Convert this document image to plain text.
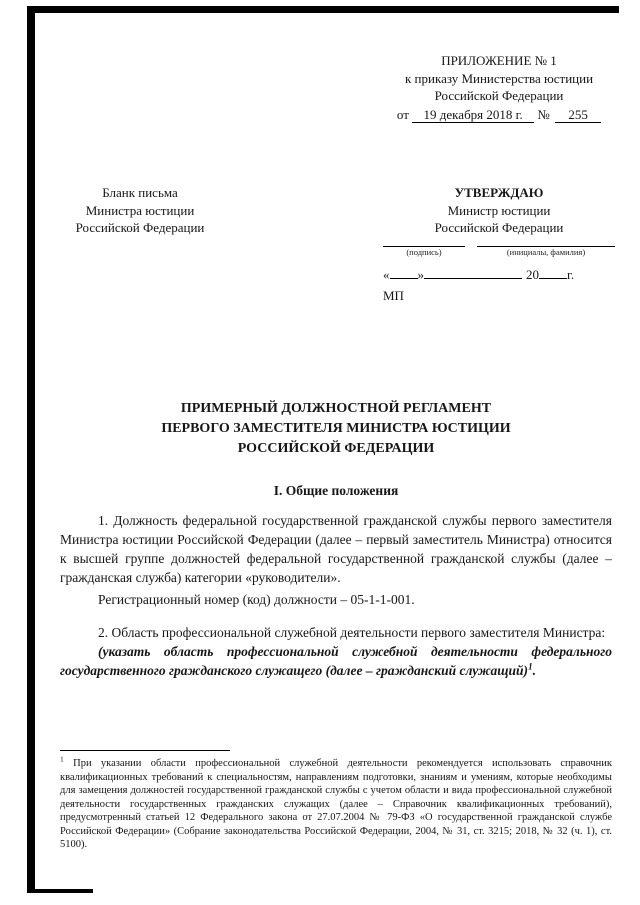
ПРИЛОЖЕНИЕ № 1
к приказу Министерства юстиции
Российской Федерации
от 19 декабря 2018 г. № 255
Бланк письма
Министра юстиции
Российской Федерации
УТВЕРЖДАЮ
Министр юстиции
Российской Федерации
(подпись)	(инициалы, фамилия)
« »	20 г.
МП
ПРИМЕРНЫЙ ДОЛЖНОСТНОЙ РЕГЛАМЕНТ
ПЕРВОГО ЗАМЕСТИТЕЛЯ МИНИСТРА ЮСТИЦИИ
РОССИЙСКОЙ ФЕДЕРАЦИИ
I. Общие положения

1. Должность федеральной государственной гражданской службы первого заместителя Министра юстиции Российской Федерации (далее – первый заместитель Министра) относится к высшей группе должностей федеральной государственной гражданской службы (далее – гражданская служба) категории «руководители».

Регистрационный номер (код) должности – 05-1-1-001.

2. Область профессиональной служебной деятельности первого заместителя Министра:

(указать область профессиональной служебной деятельности федерального государственного гражданского служащего (далее – гражданский служащий)$^1$.

$^1$ При указании области профессиональной служебной деятельности рекомендуется использовать справочник квалификационных требований к специальностям, направлениям подготовки, знаниям и умениям, которые необходимы для замещения должностей государственной гражданской службы с учетом области и вида профессиональной служебной деятельности государственных гражданских служащих (далее – Справочник квалификационных требований), предусмотренный статьей 12 Федерального закона от 27.07.2004 № 79-ФЗ «О государственной гражданской службе Российской Федерации» (Собрание законодательства Российской Федерации, 2004, № 31, ст. 3215; 2018, № 32 (ч. 1), ст. 5100).
